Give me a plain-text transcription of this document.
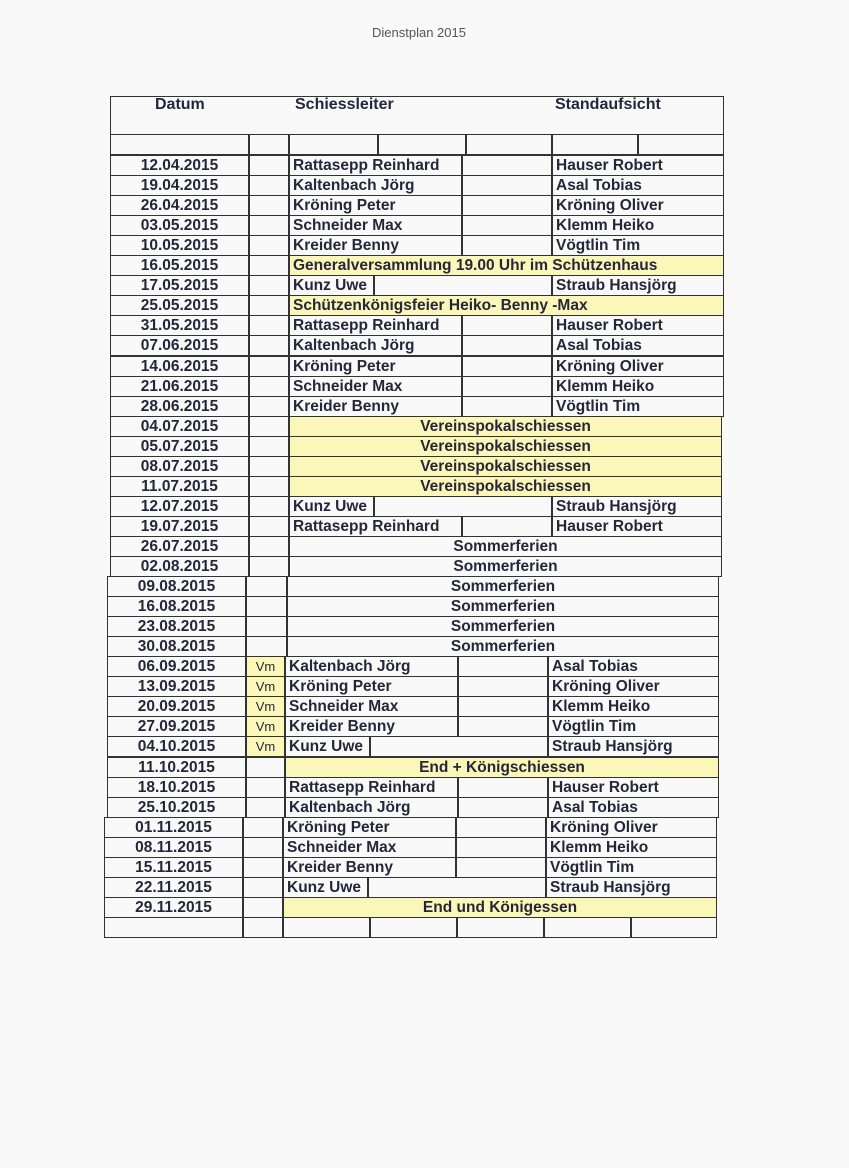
Dienstplan 2015
Datum	Schiessleiter	Standaufsicht
12.04.2015	Rattasepp Reinhard	Hauser Robert
19.04.2015	Kaltenbach Jörg	Asal Tobias
26.04.2015	Kröning Peter	Kröning Oliver
03.05.2015	Schneider Max	Klemm Heiko
10.05.2015	Kreider Benny	Vögtlin Tim
16.05.2015	Generalversammlung 19.00 Uhr im Schützenhaus
17.05.2015	Kunz Uwe	Straub Hansjörg
25.05.2015	Schützenkönigsfeier Heiko- Benny -Max
31.05.2015	Rattasepp Reinhard	Hauser Robert
07.06.2015	Kaltenbach Jörg	Asal Tobias
14.06.2015	Kröning Peter	Kröning Oliver
21.06.2015	Schneider Max	Klemm Heiko
28.06.2015	Kreider Benny	Vögtlin Tim
04.07.2015	Vereinspokalschiessen
05.07.2015	Vereinspokalschiessen
08.07.2015	Vereinspokalschiessen
11.07.2015	Vereinspokalschiessen
12.07.2015	Kunz Uwe	Straub Hansjörg
19.07.2015	Rattasepp Reinhard	Hauser Robert
26.07.2015	Sommerferien
02.08.2015	Sommerferien
09.08.2015	Sommerferien
16.08.2015	Sommerferien
23.08.2015	Sommerferien
30.08.2015	Sommerferien
06.09.2015	Vm Kaltenbach Jörg	Asal Tobias
13.09.2015	Vm Kröning Peter	Kröning Oliver
20.09.2015	Vm Schneider Max	Klemm Heiko
27.09.2015	Vm Kreider Benny	Vögtlin Tim
04.10.2015	Vm Kunz Uwe	Straub Hansjörg
11.10.2015	End + Königschiessen
18.10.2015	Rattasepp Reinhard	Hauser Robert
25.10.2015	Kaltenbach Jörg	Asal Tobias
01.11.2015	Kröning Peter	Kröning Oliver
08.11.2015	Schneider Max	Klemm Heiko
15.11.2015	Kreider Benny	Vögtlin Tim
22.11.2015	Kunz Uwe	Straub Hansjörg
29.11.2015	End und Königessen
